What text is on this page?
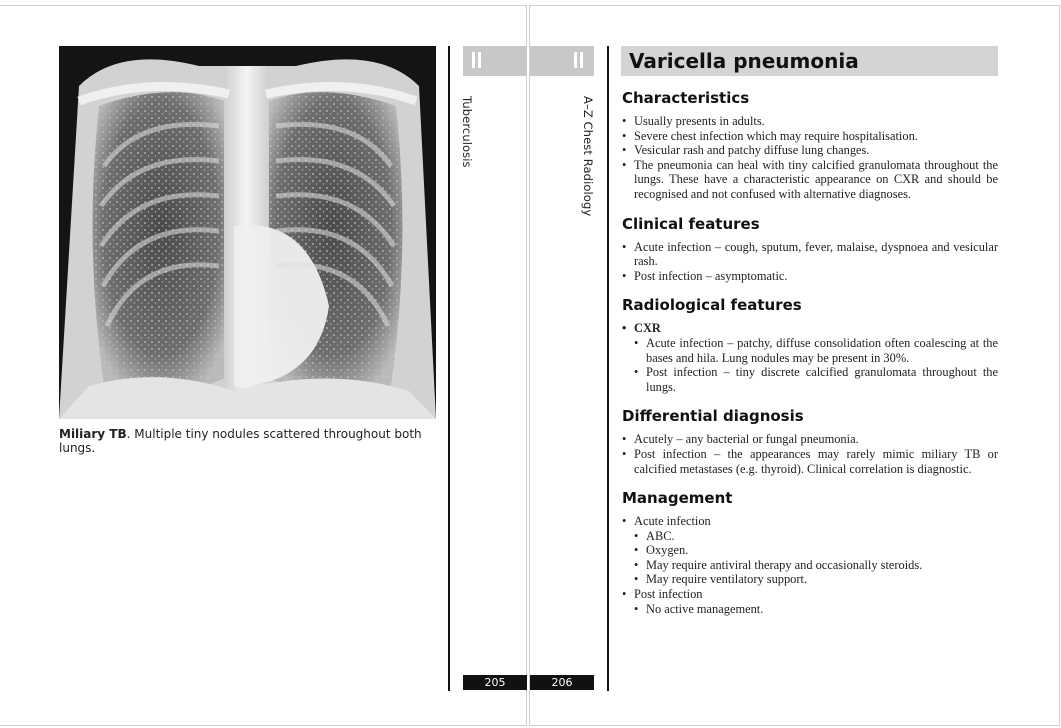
Miliary TB. Multiple tiny nodules scattered throughout both lungs.
Tuberculosis
205
A–Z Chest Radiology
206
Varicella pneumonia
Characteristics
• Usually presents in adults.
• Severe chest infection which may require hospitalisation.
• Vesicular rash and patchy diffuse lung changes.
• The pneumonia can heal with tiny calcified granulomata throughout the lungs. These have a characteristic appearance on CXR and should be recognised and not confused with alternative diagnoses.
Clinical features
• Acute infection – cough, sputum, fever, malaise, dyspnoea and vesicular rash.
• Post infection – asymptomatic.
Radiological features
• CXR
• Acute infection – patchy, diffuse consolidation often coalescing at the bases and hila. Lung nodules may be present in 30%.
• Post infection – tiny discrete calcified granulomata throughout the lungs.
Differential diagnosis
• Acutely – any bacterial or fungal pneumonia.
• Post infection – the appearances may rarely mimic miliary TB or calcified metastases (e.g. thyroid). Clinical correlation is diagnostic.
Management
• Acute infection
• ABC.
• Oxygen.
• May require antiviral therapy and occasionally steroids.
• May require ventilatory support.
• Post infection
• No active management.
